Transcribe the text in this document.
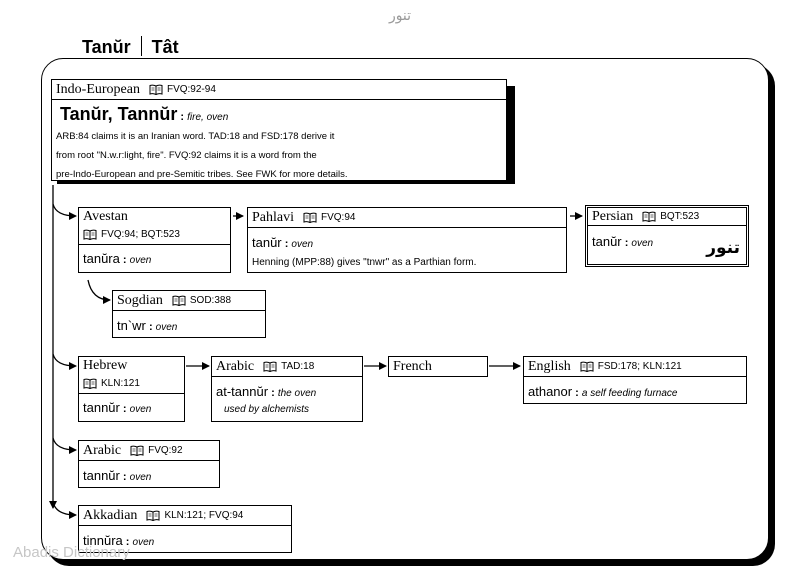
تنور
Tanŭr Tât
Indo-European	FVQ:92-94
Tanŭr, Tannŭr : fire, oven
ARB:84 claims it is an Iranian word. TAD:18 and FSD:178 derive it
from root "N.w.r:light, fire". FVQ:92 claims it is a word from the
pre-Indo-European and pre-Semitic tribes. See FWK for more details.
Avestan
FVQ:94; BQT:523
tanŭra : oven
Pahlavi	FVQ:94
tanŭr : oven
Henning (MPP:88) gives "tnwr" as a Parthian form.
Persian	BQT:523
tanŭr : oven	تنور
Sogdian	SOD:388
tn`wr : oven
Hebrew
KLN:121
tannŭr : oven
Arabic	TAD:18
at-tannŭr : the oven
used by alchemists
French	English	FSD:178; KLN:121
athanor : a self feeding furnace
Arabic	FVQ:92
tannŭr : oven
Akkadian	KLN:121; FVQ:94
tinnŭra : oven
Abadis Dictionary
